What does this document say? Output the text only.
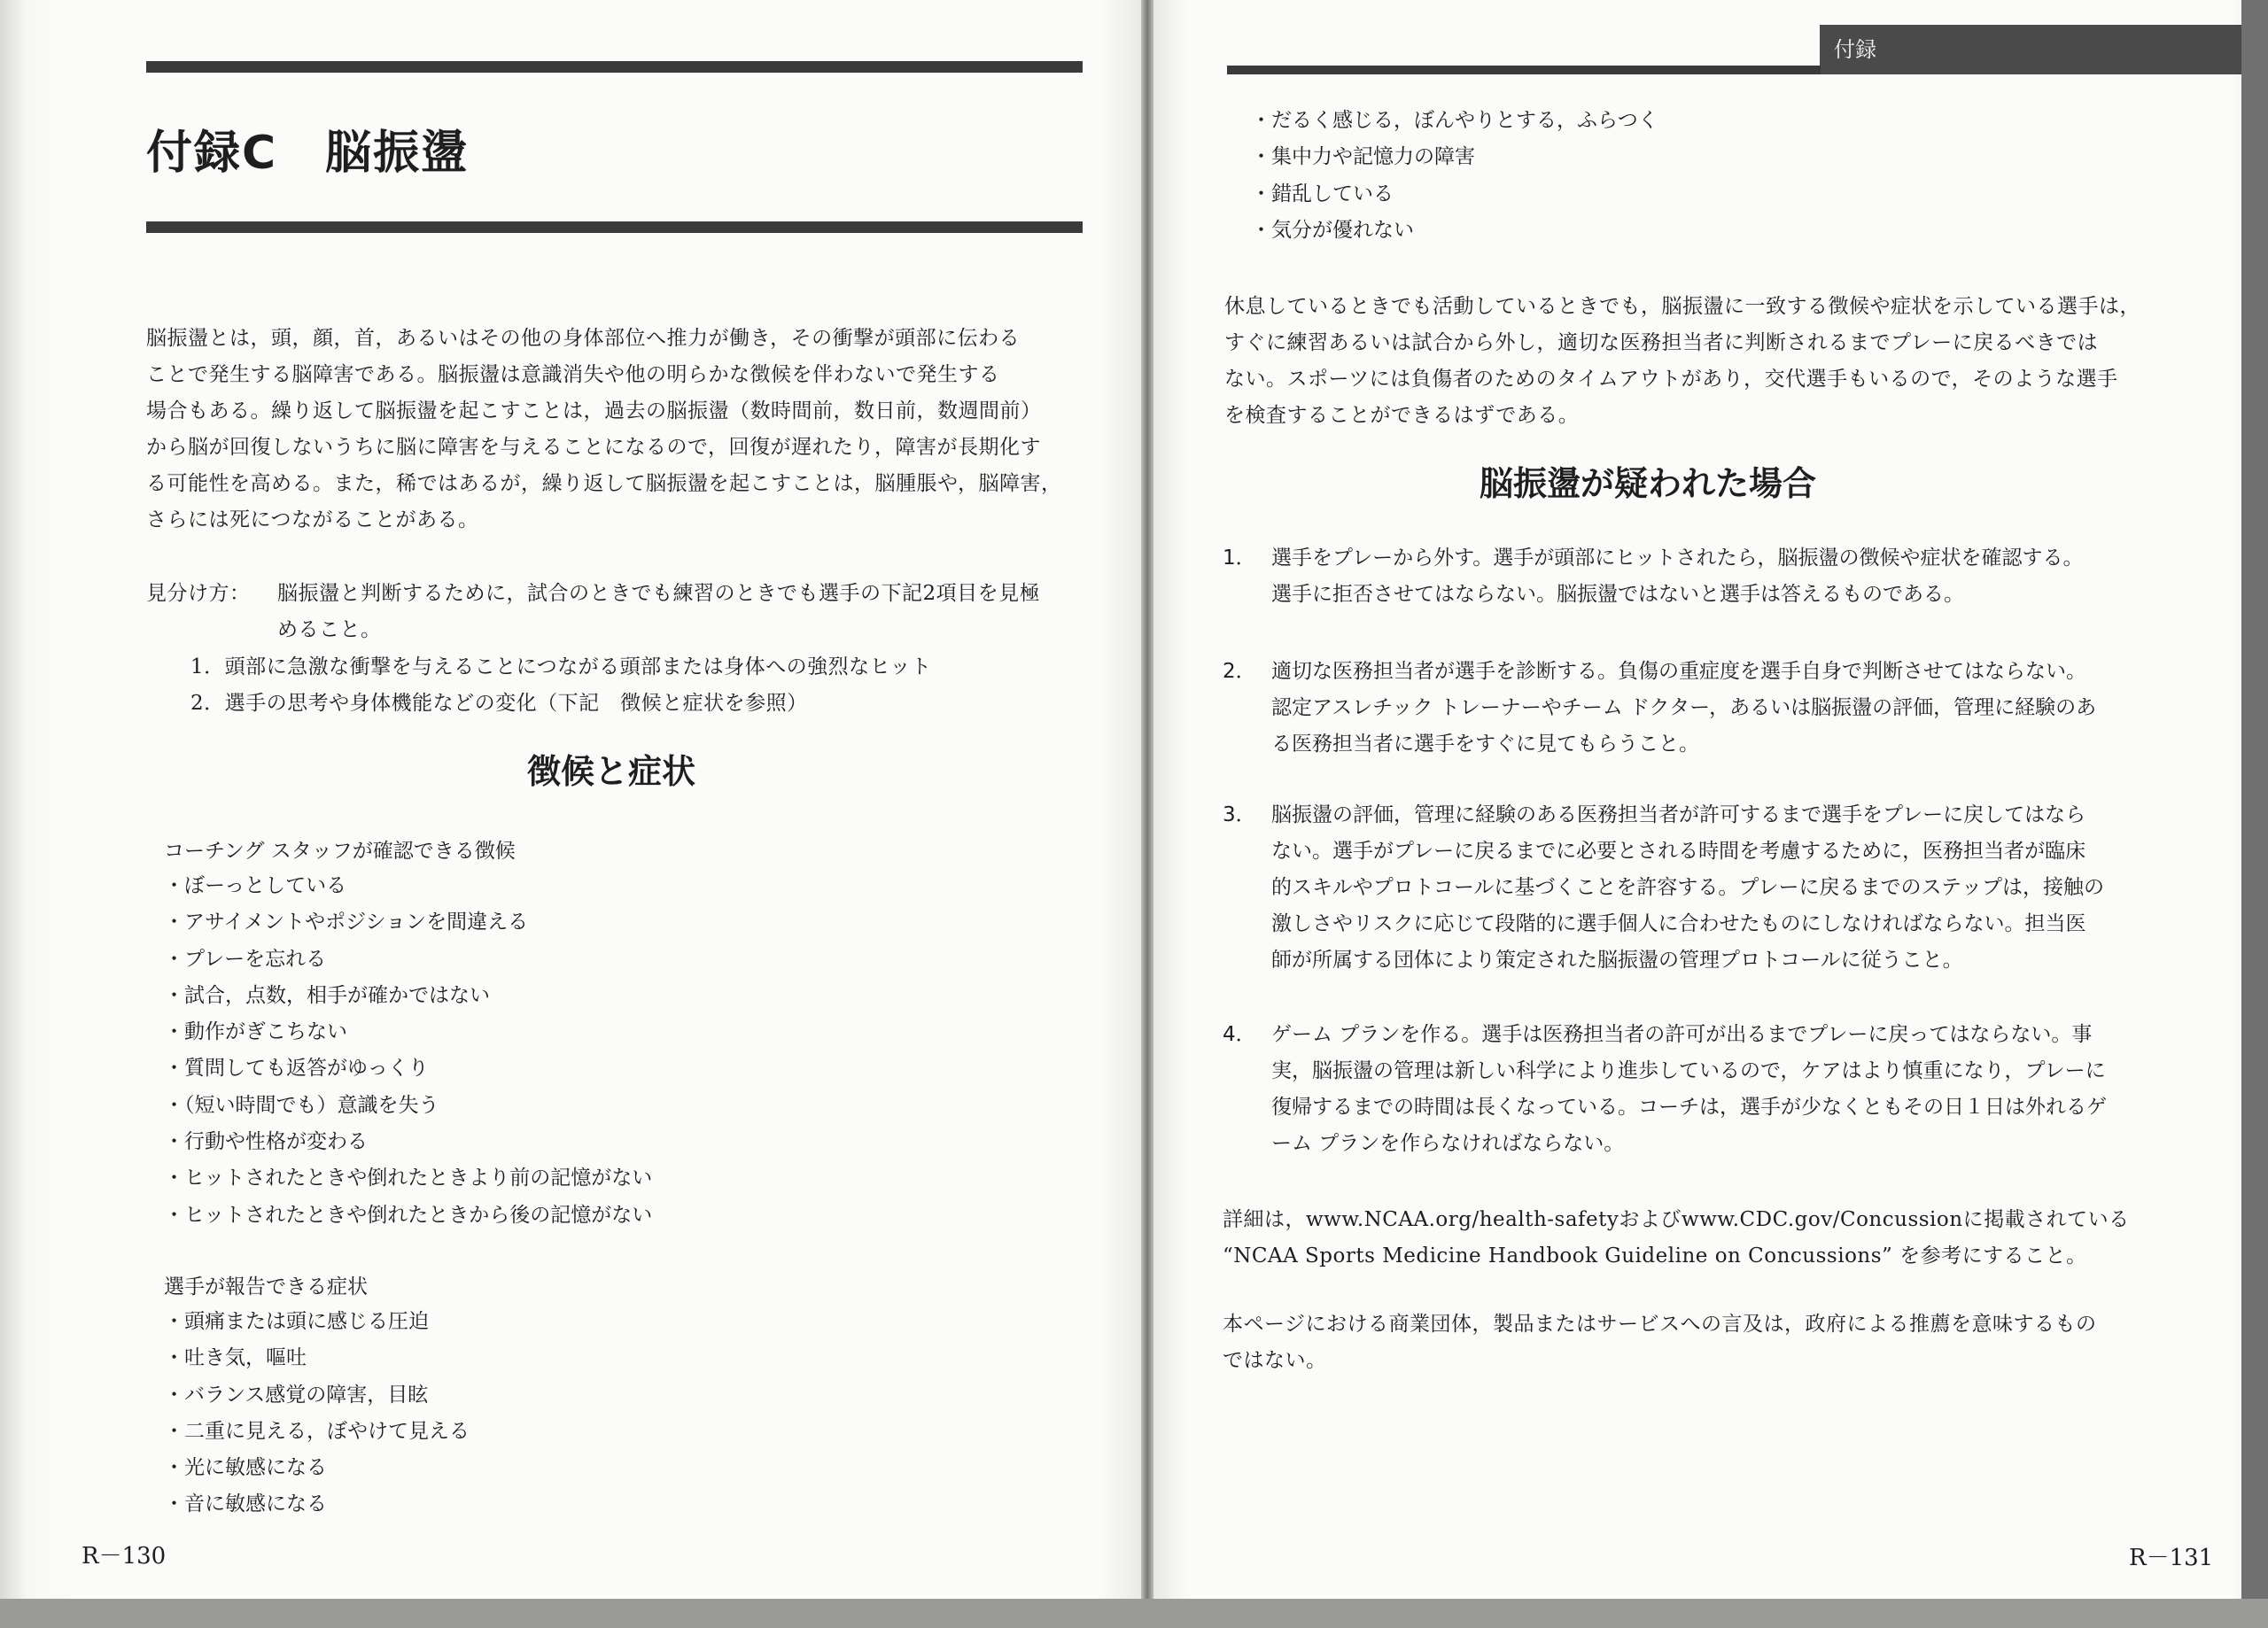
付録C　脳振盪
脳振盪とは，頭，顔，首，あるいはその他の身体部位へ推力が働き，その衝撃が頭部に伝わる
ことで発生する脳障害である。脳振盪は意識消失や他の明らかな徴候を伴わないで発生する
場合もある。繰り返して脳振盪を起こすことは，過去の脳振盪（数時間前，数日前，数週間前）
から脳が回復しないうちに脳に障害を与えることになるので，回復が遅れたり，障害が長期化す
る可能性を高める。また，稀ではあるが，繰り返して脳振盪を起こすことは，脳腫脹や，脳障害，
さらには死につながることがある。
見分け方： 脳振盪と判断するために，試合のときでも練習のときでも選手の下記2項目を見極
めること。
1．頭部に急激な衝撃を与えることにつながる頭部または身体への強烈なヒット
2．選手の思考や身体機能などの変化（下記　徴候と症状を参照）
徴候と症状
コーチング スタッフが確認できる徴候
・ ぼーっとしている
・ アサイメントやポジションを間違える
・ プレーを忘れる
・ 試合，点数，相手が確かではない
・ 動作がぎこちない
・ 質問しても返答がゆっくり
・ （短い時間でも）意識を失う
・ 行動や性格が変わる
・ ヒットされたときや倒れたときより前の記憶がない
・ ヒットされたときや倒れたときから後の記憶がない
選手が報告できる症状
・ 頭痛または頭に感じる圧迫
・ 吐き気，嘔吐
・ バランス感覚の障害，目眩
・ 二重に見える，ぼやけて見える
・ 光に敏感になる
・ 音に敏感になる
R－130
付録
・ だるく感じる，ぼんやりとする，ふらつく
・ 集中力や記憶力の障害
・ 錯乱している
・ 気分が優れない
休息しているときでも活動しているときでも，脳振盪に一致する徴候や症状を示している選手は，
すぐに練習あるいは試合から外し，適切な医務担当者に判断されるまでプレーに戻るべきでは
ない。スポーツには負傷者のためのタイムアウトがあり，交代選手もいるので，そのような選手
を検査することができるはずである。
脳振盪が疑われた場合
1． 選手をプレーから外す。選手が頭部にヒットされたら，脳振盪の徴候や症状を確認する。
選手に拒否させてはならない。脳振盪ではないと選手は答えるものである。
2． 適切な医務担当者が選手を診断する。負傷の重症度を選手自身で判断させてはならない。
認定アスレチック トレーナーやチーム ドクター，あるいは脳振盪の評価，管理に経験のあ
る医務担当者に選手をすぐに見てもらうこと。
3． 脳振盪の評価，管理に経験のある医務担当者が許可するまで選手をプレーに戻してはなら
ない。選手がプレーに戻るまでに必要とされる時間を考慮するために，医務担当者が臨床
的スキルやプロトコールに基づくことを許容する。プレーに戻るまでのステップは，接触の
激しさやリスクに応じて段階的に選手個人に合わせたものにしなければならない。担当医
師が所属する団体により策定された脳振盪の管理プロトコールに従うこと。
4． ゲーム プランを作る。選手は医務担当者の許可が出るまでプレーに戻ってはならない。事
実，脳振盪の管理は新しい科学により進歩しているので，ケアはより慎重になり，プレーに
復帰するまでの時間は長くなっている。コーチは，選手が少なくともその日１日は外れるゲ
ーム プランを作らなければならない。
詳細は，www.NCAA.org/health-safetyおよびwww.CDC.gov/Concussionに掲載されている
“NCAA Sports Medicine Handbook Guideline on Concussions” を参考にすること。
本ページにおける商業団体，製品またはサービスへの言及は，政府による推薦を意味するもの
ではない。
R－131
